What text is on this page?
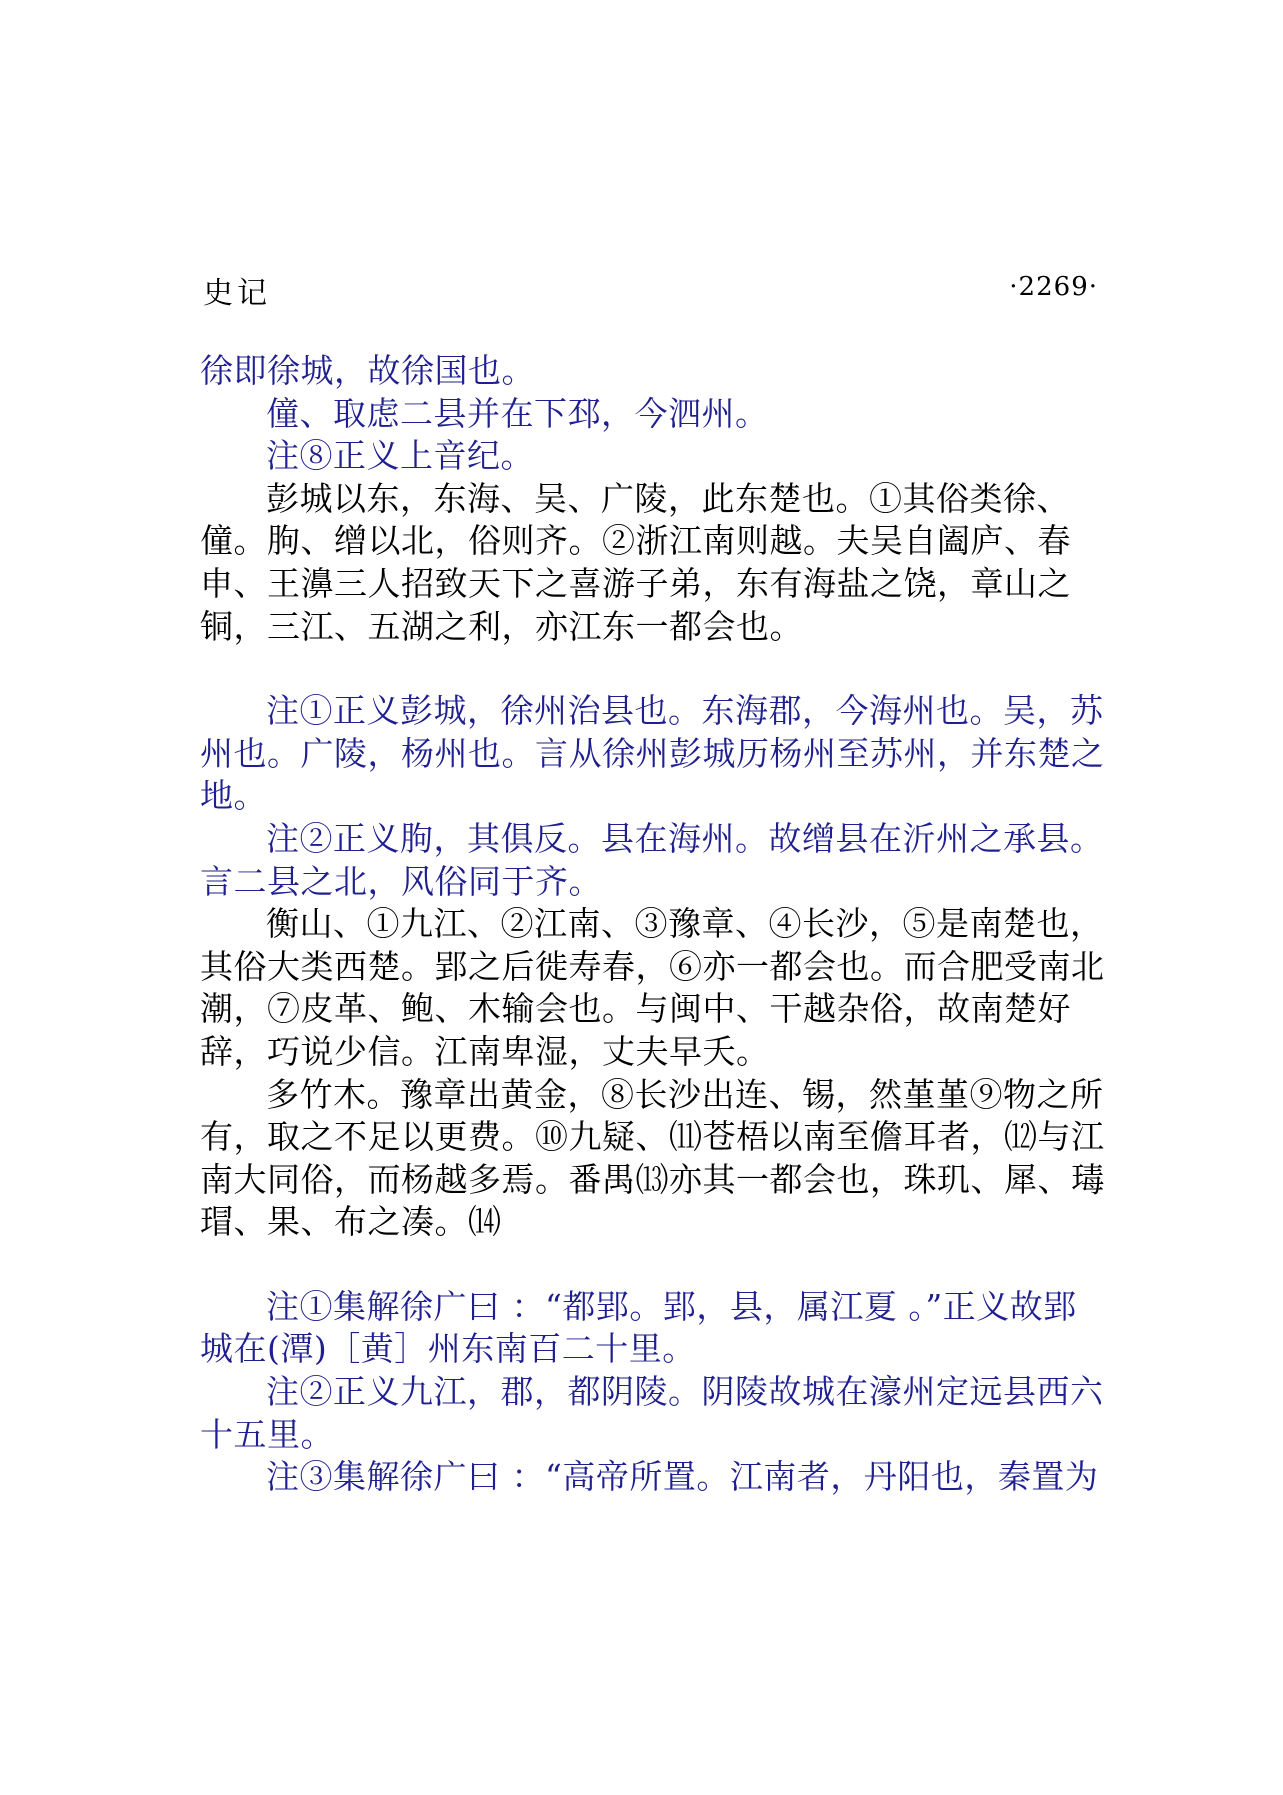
史记	·2269·

徐即徐城，故徐国也。

僮、取虑二县并在下邳，今泗州。

注⑧正义上音纪。

彭城以东，东海、吴、广陵，此东楚也。①其俗类徐、僮。朐、缯以北，俗则齐。②浙江南则越。夫吴自阖庐、春申、王濞三人招致天下之喜游子弟，东有海盐之饶，章山之铜，三江、五湖之利，亦江东一都会也。

注①正义彭城，徐州治县也。东海郡，今海州也。吴，苏州也。广陵，杨州也。言从徐州彭城历杨州至苏州，并东楚之地。

注②正义朐，其俱反。县在海州。故缯县在沂州之承县。言二县之北，风俗同于齐。

衡山、①九江、②江南、③豫章、④长沙，⑤是南楚也，其俗大类西楚。郢之后徙寿春，⑥亦一都会也。而合肥受南北潮，⑦皮革、鲍、木输会也。与闽中、干越杂俗，故南楚好辞，巧说少信。江南卑湿，丈夫早夭。

多竹木。豫章出黄金，⑧长沙出连、锡，然堇堇⑨物之所有，取之不足以更费。⑩九疑、⑾苍梧以南至儋耳者，⑿与江南大同俗，而杨越多焉。番禺⒀亦其一都会也，珠玑、犀、瑇瑁、果、布之凑。⒁

注①集解徐广曰 ：“都郢。郢，县，属江夏 。”正义故郢城在(潭)［黄］州东南百二十里。

注②正义九江，郡，都阴陵。阴陵故城在濠州定远县西六十五里。

注③集解徐广曰 ：“高帝所置。江南者，丹阳也，秦置为
